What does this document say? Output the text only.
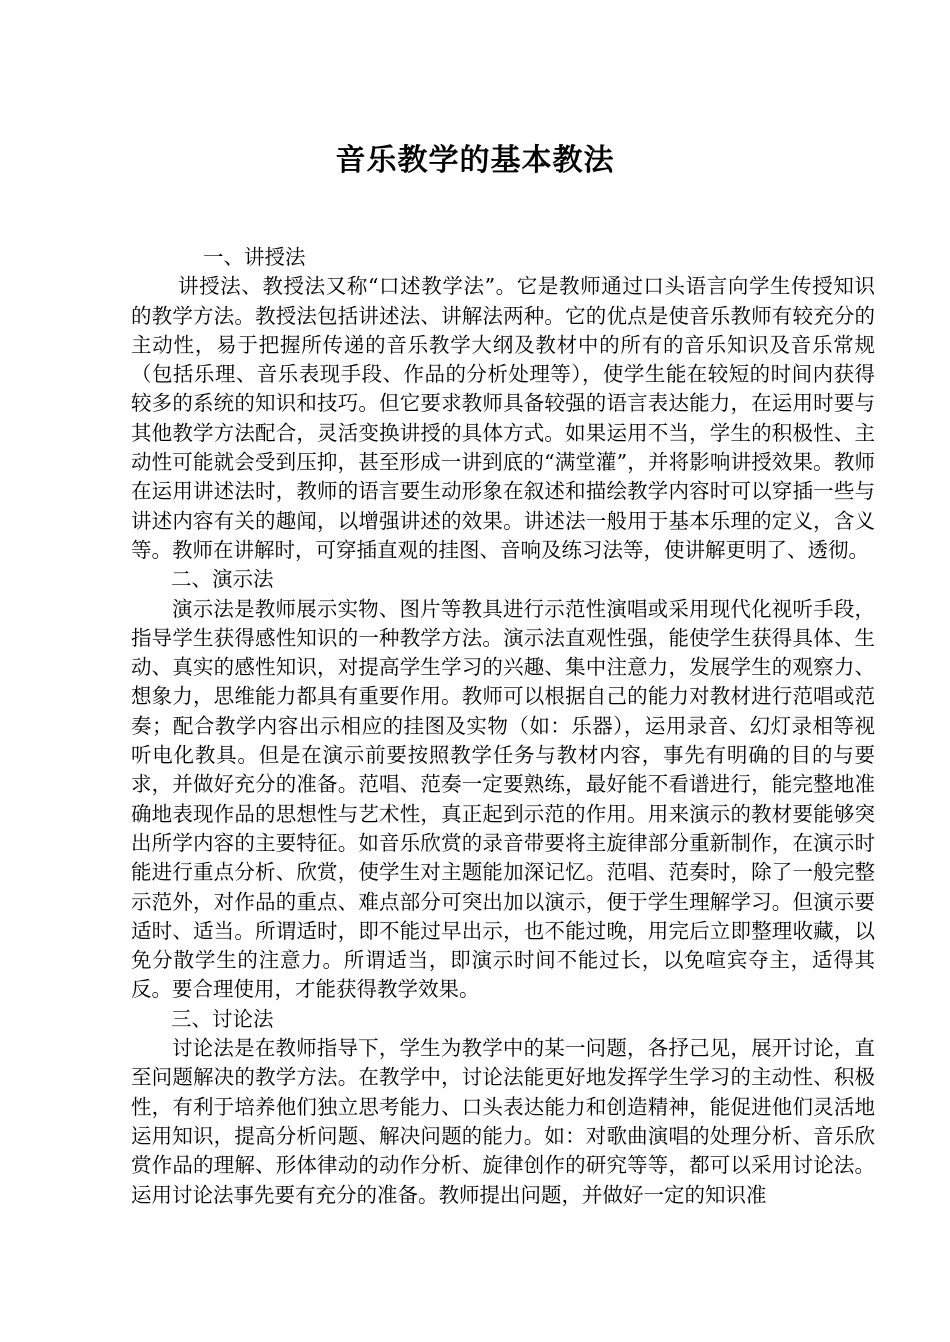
音乐教学的基本教法

一、讲授法

讲授法、教授法又称“口述教学法”。它是教师通过口头语言向学生传授知识的教学方法。教授法包括讲述法、讲解法两种。它的优点是使音乐教师有较充分的主动性，易于把握所传递的音乐教学大纲及教材中的所有的音乐知识及音乐常规（包括乐理、音乐表现手段、作品的分析处理等），使学生能在较短的时间内获得较多的系统的知识和技巧。但它要求教师具备较强的语言表达能力，在运用时要与其他教学方法配合，灵活变换讲授的具体方式。如果运用不当，学生的积极性、主动性可能就会受到压抑，甚至形成一讲到底的“满堂灌”，并将影响讲授效果。教师在运用讲述法时，教师的语言要生动形象在叙述和描绘教学内容时可以穿插一些与讲述内容有关的趣闻，以增强讲述的效果。讲述法一般用于基本乐理的定义，含义等。教师在讲解时，可穿插直观的挂图、音响及练习法等，使讲解更明了、透彻。

二、演示法

演示法是教师展示实物、图片等教具进行示范性演唱或采用现代化视听手段，指导学生获得感性知识的一种教学方法。演示法直观性强，能使学生获得具体、生动、真实的感性知识，对提高学生学习的兴趣、集中注意力，发展学生的观察力、想象力，思维能力都具有重要作用。教师可以根据自己的能力对教材进行范唱或范奏；配合教学内容出示相应的挂图及实物（如：乐器），运用录音、幻灯录相等视听电化教具。但是在演示前要按照教学任务与教材内容，事先有明确的目的与要求，并做好充分的准备。范唱、范奏一定要熟练，最好能不看谱进行，能完整地准确地表现作品的思想性与艺术性，真正起到示范的作用。用来演示的教材要能够突出所学内容的主要特征。如音乐欣赏的录音带要将主旋律部分重新制作，在演示时能进行重点分析、欣赏，使学生对主题能加深记忆。范唱、范奏时，除了一般完整示范外，对作品的重点、难点部分可突出加以演示，便于学生理解学习。但演示要适时、适当。所谓适时，即不能过早出示，也不能过晚，用完后立即整理收藏，以免分散学生的注意力。所谓适当，即演示时间不能过长，以免喧宾夺主，适得其反。要合理使用，才能获得教学效果。

三、讨论法

讨论法是在教师指导下，学生为教学中的某一问题，各抒己见，展开讨论，直至问题解决的教学方法。在教学中，讨论法能更好地发挥学生学习的主动性、积极性，有利于培养他们独立思考能力、口头表达能力和创造精神，能促进他们灵活地运用知识，提高分析问题、解决问题的能力。如：对歌曲演唱的处理分析、音乐欣赏作品的理解、形体律动的动作分析、旋律创作的研究等等，都可以采用讨论法。运用讨论法事先要有充分的准备。教师提出问题，并做好一定的知识准
